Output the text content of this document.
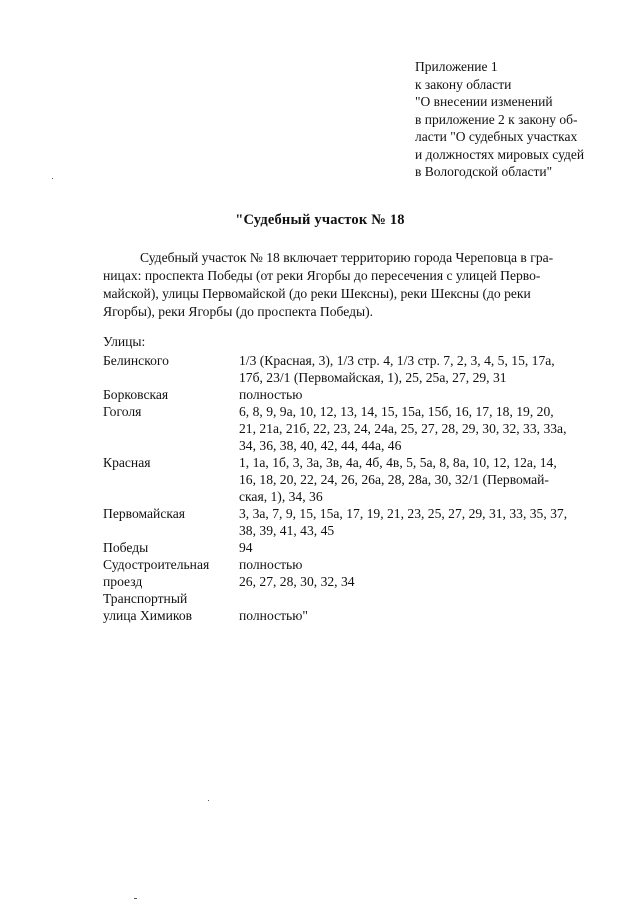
Приложение 1
к закону области
"О внесении изменений
в приложение 2 к закону об-
ласти "О судебных участках
и должностях мировых судей
в Вологодской области"
"Судебный участок № 18
Судебный участок № 18 включает территорию города Череповца в гра-
ницах: проспекта Победы (от реки Ягорбы до пересечения с улицей Перво-
майской), улицы Первомайской (до реки Шексны), реки Шексны (до реки
Ягорбы), реки Ягорбы (до проспекта Победы).
Улицы:
Белинского	1/3 (Красная, 3), 1/3 стр. 4, 1/3 стр. 7, 2, 3, 4, 5, 15, 17а,
17б, 23/1 (Первомайская, 1), 25, 25а, 27, 29, 31
Борковская	полностью
Гоголя	6, 8, 9, 9а, 10, 12, 13, 14, 15, 15а, 15б, 16, 17, 18, 19, 20,
21, 21а, 21б, 22, 23, 24, 24а, 25, 27, 28, 29, 30, 32, 33, 33а,
34, 36, 38, 40, 42, 44, 44а, 46
Красная	1, 1а, 1б, 3, 3а, 3в, 4а, 4б, 4в, 5, 5а, 8, 8а, 10, 12, 12а, 14,
16, 18, 20, 22, 24, 26, 26а, 28, 28а, 30, 32/1 (Первомай-
ская, 1), 34, 36
Первомайская	3, 3а, 7, 9, 15, 15а, 17, 19, 21, 23, 25, 27, 29, 31, 33, 35, 37,
38, 39, 41, 43, 45
Победы	94
Судостроительная	полностью
проезд	26, 27, 28, 30, 32, 34
Транспортный

улица Химиков	полностью"
